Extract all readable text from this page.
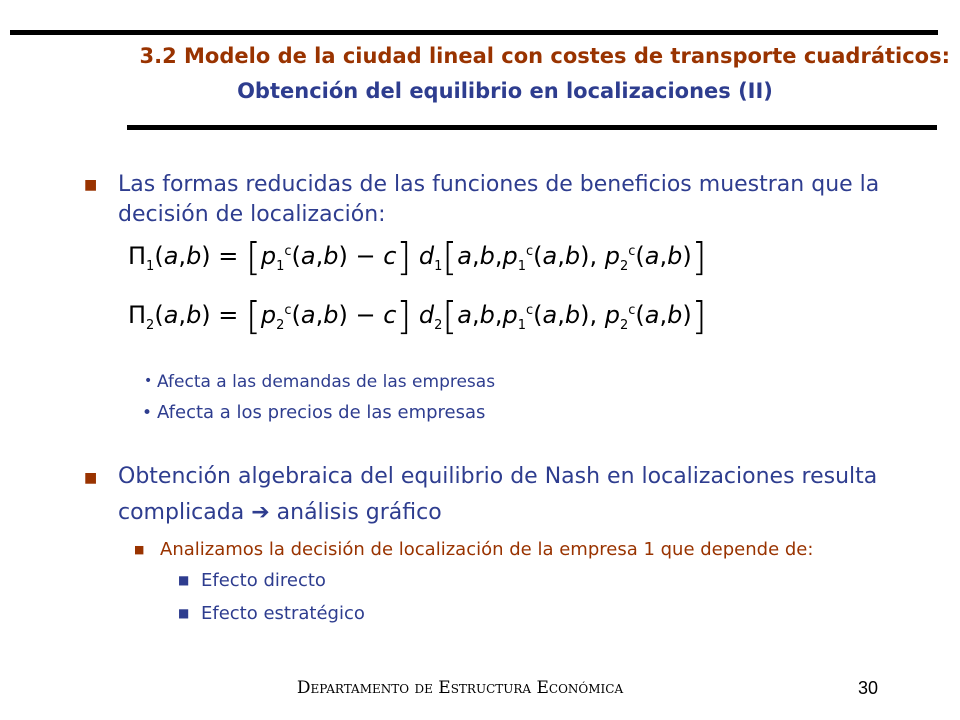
3.2 Modelo de la ciudad lineal con costes de transporte cuadráticos:
Obtención del equilibrio en localizaciones (II)
■ Las formas reducidas de las funciones de beneficios muestran que la
decisión de localización:
$\Pi_1(a,b) = [p_1^c(a,b) - c]$ $d_1[a,b,p_1^c(a,b)$, $p_2^c(a,b)$]
$\Pi_2(a,b) = [p_2^c(a,b) - c]$ $d_2[a,b,p_1^c(a,b)$, $p_2^c(a,b)$]
• Afecta a las demandas de las empresas
• Afecta a los precios de las empresas
■ Obtención algebraica del equilibrio de Nash en localizaciones resulta
complicada ➔ análisis gráfico
■ Analizamos la decisión de localización de la empresa 1 que depende de:
■ Efecto directo
■ Efecto estratégico
Departamento de Estructura Económica	30
